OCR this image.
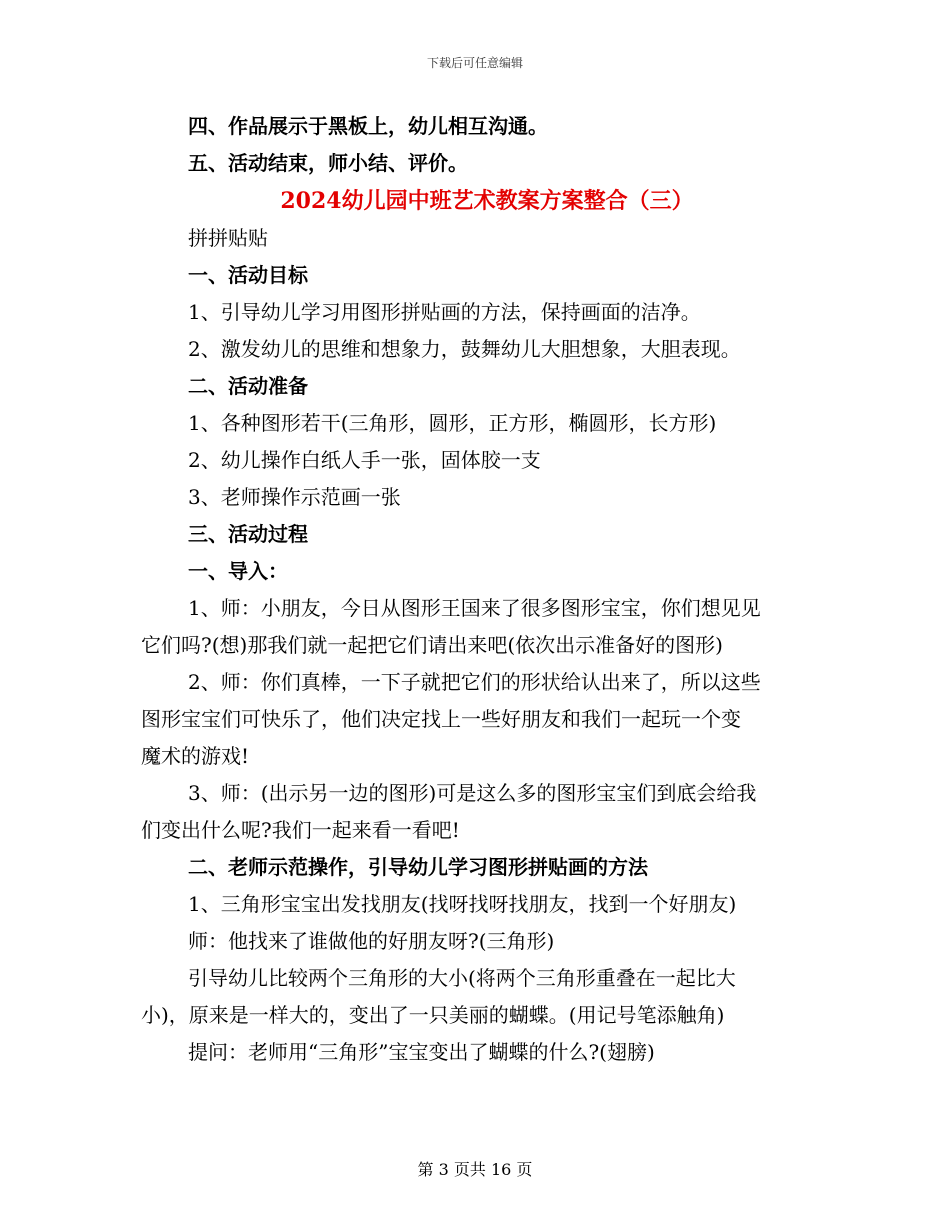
下载后可任意编辑

四、作品展示于黑板上，幼儿相互沟通。

五、活动结束，师小结、评价。

2024幼儿园中班艺术教案方案整合（三）

拼拼贴贴

一、活动目标

1、引导幼儿学习用图形拼贴画的方法，保持画面的洁净。

2、激发幼儿的思维和想象力，鼓舞幼儿大胆想象，大胆表现。

二、活动准备

1、各种图形若干(三角形，圆形，正方形，椭圆形，长方形)

2、幼儿操作白纸人手一张，固体胶一支

3、老师操作示范画一张

三、活动过程

一、导入：

1、师：小朋友，今日从图形王国来了很多图形宝宝，你们想见见

它们吗?(想)那我们就一起把它们请出来吧(依次出示准备好的图形)

2、师：你们真棒，一下子就把它们的形状给认出来了，所以这些

图形宝宝们可快乐了，他们决定找上一些好朋友和我们一起玩一个变

魔术的游戏!

3、师：(出示另一边的图形)可是这么多的图形宝宝们到底会给我

们变出什么呢?我们一起来看一看吧!

二、老师示范操作，引导幼儿学习图形拼贴画的方法

1、三角形宝宝出发找朋友(找呀找呀找朋友，找到一个好朋友)

师：他找来了谁做他的好朋友呀?(三角形)

引导幼儿比较两个三角形的大小(将两个三角形重叠在一起比大

小)，原来是一样大的，变出了一只美丽的蝴蝶。(用记号笔添触角)

提问：老师用“三角形”宝宝变出了蝴蝶的什么?(翅膀)

第 3 页共 16 页
